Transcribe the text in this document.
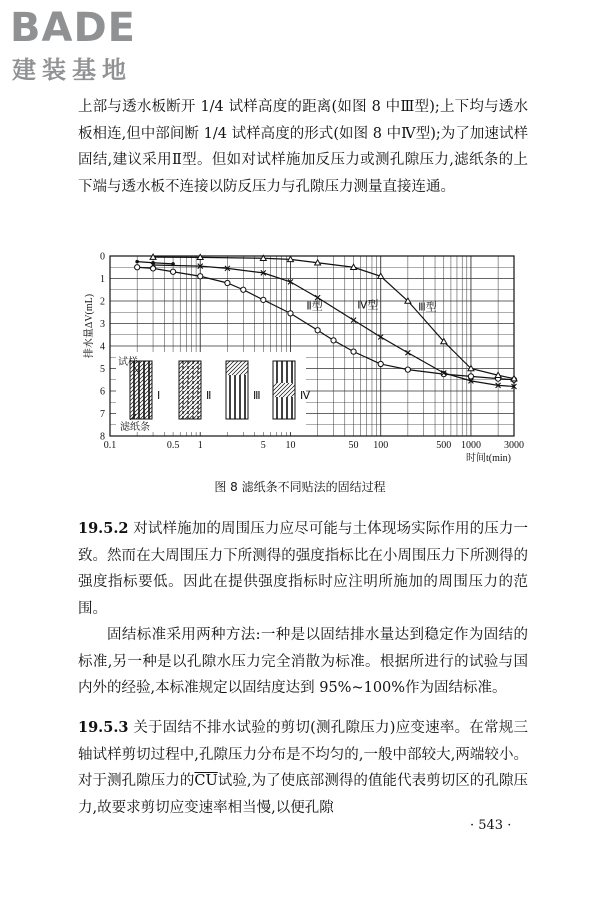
BADE
建装基地
上部与透水板断开 1/4 试样高度的距离(如图 8 中Ⅲ型);上下均与透水板相连,但中部间断 1/4 试样高度的形式(如图 8 中Ⅳ型);为了加速试样固结,建议采用Ⅱ型。但如对试样施加反压力或测孔隙压力,滤纸条的上下端与透水板不连接以防反压力与孔隙压力测量直接连通。
0.1	0.5 1	5 10	50 100	500 1000 3000
0
1
2
3
4
5
6
7
8
时间t(min)
排水量ΔV(mL)
Ⅰ	Ⅱ	Ⅲ	Ⅳ
试样
滤纸条
Ⅱ型	Ⅳ型	Ⅲ型
图 8 滤纸条不同贴法的固结过程
19.5.2 对试样施加的周围压力应尽可能与土体现场实际作用的压力一致。然而在大周围压力下所测得的强度指标比在小周围压力下所测得的强度指标要低。因此在提供强度指标时应注明所施加的周围压力的范围。
固结标准采用两种方法:一种是以固结排水量达到稳定作为固结的标准,另一种是以孔隙水压力完全消散为标准。根据所进行的试验与国内外的经验,本标准规定以固结度达到 95%~100%作为固结标准。
19.5.3 关于固结不排水试验的剪切(测孔隙压力)应变速率。在常规三轴试样剪切过程中,孔隙压力分布是不均匀的,一般中部较大,两端较小。对于测孔隙压力的$\overline{CU}$试验,为了使底部测得的值能代表剪切区的孔隙压力,故要求剪切应变速率相当慢,以便孔隙
· 543 ·
